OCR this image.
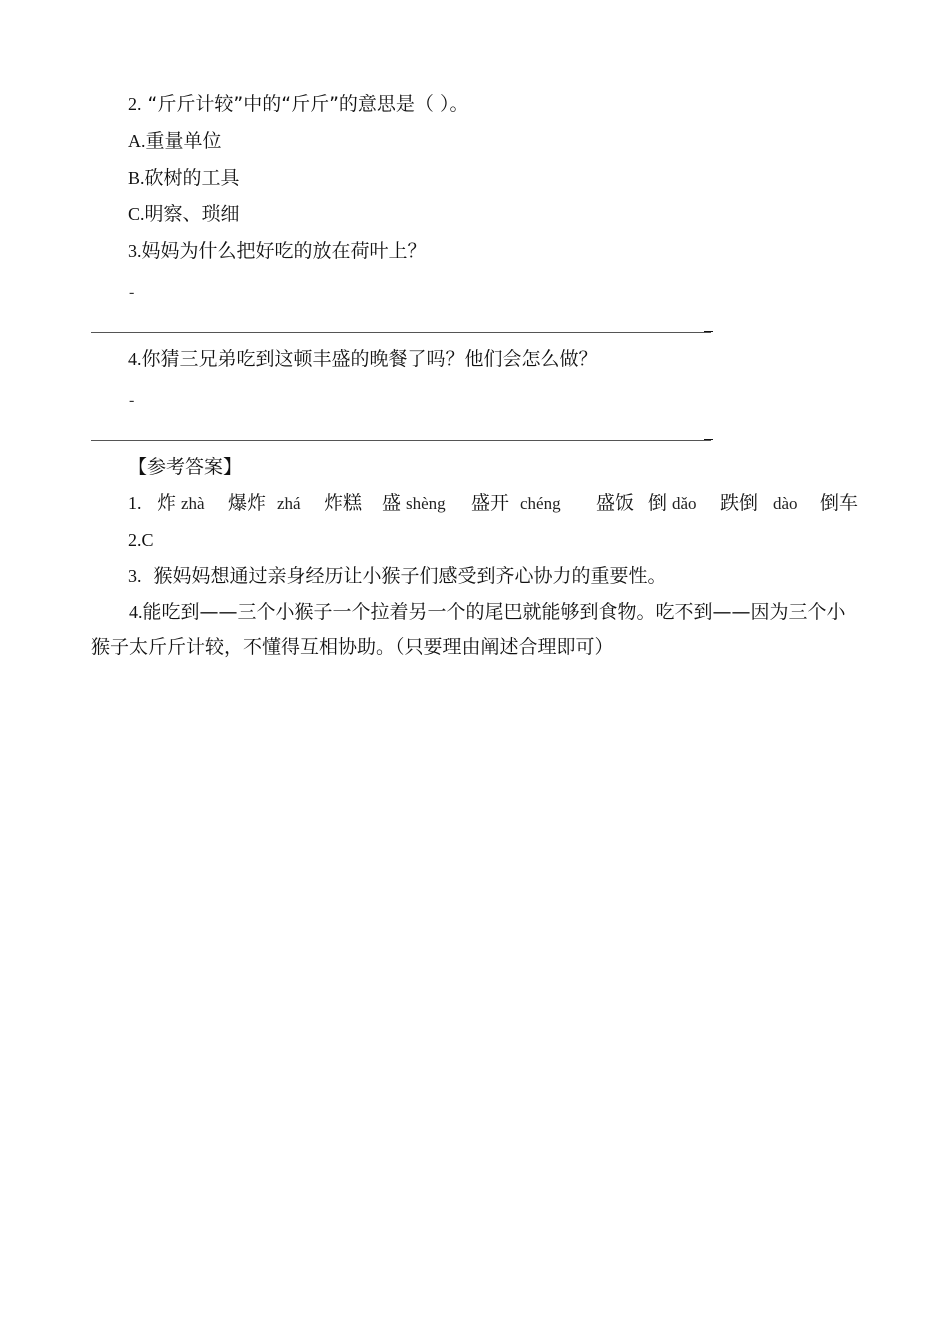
2. “斤斤计较”中的“斤斤”的意思是（ ）。
A.重量单位
B.砍树的工具
C.明察、琐细
3.妈妈为什么把好吃的放在荷叶上？
-
4.你猜三兄弟吃到这顿丰盛的晚餐了吗？他们会怎么做？
-
【参考答案】
1. 炸 zhà 爆炸 zhá 炸糕 盛 shèng 盛开 chéng 盛饭 倒 dǎo 跌倒 dào 倒车
2.C
3. 猴妈妈想通过亲身经历让小猴子们感受到齐心协力的重要性。
4.能吃到——三个小猴子一个拉着另一个的尾巴就能够到食物。吃不到——因为三个小猴子太斤斤计较，不懂得互相协助。（只要理由阐述合理即可）
